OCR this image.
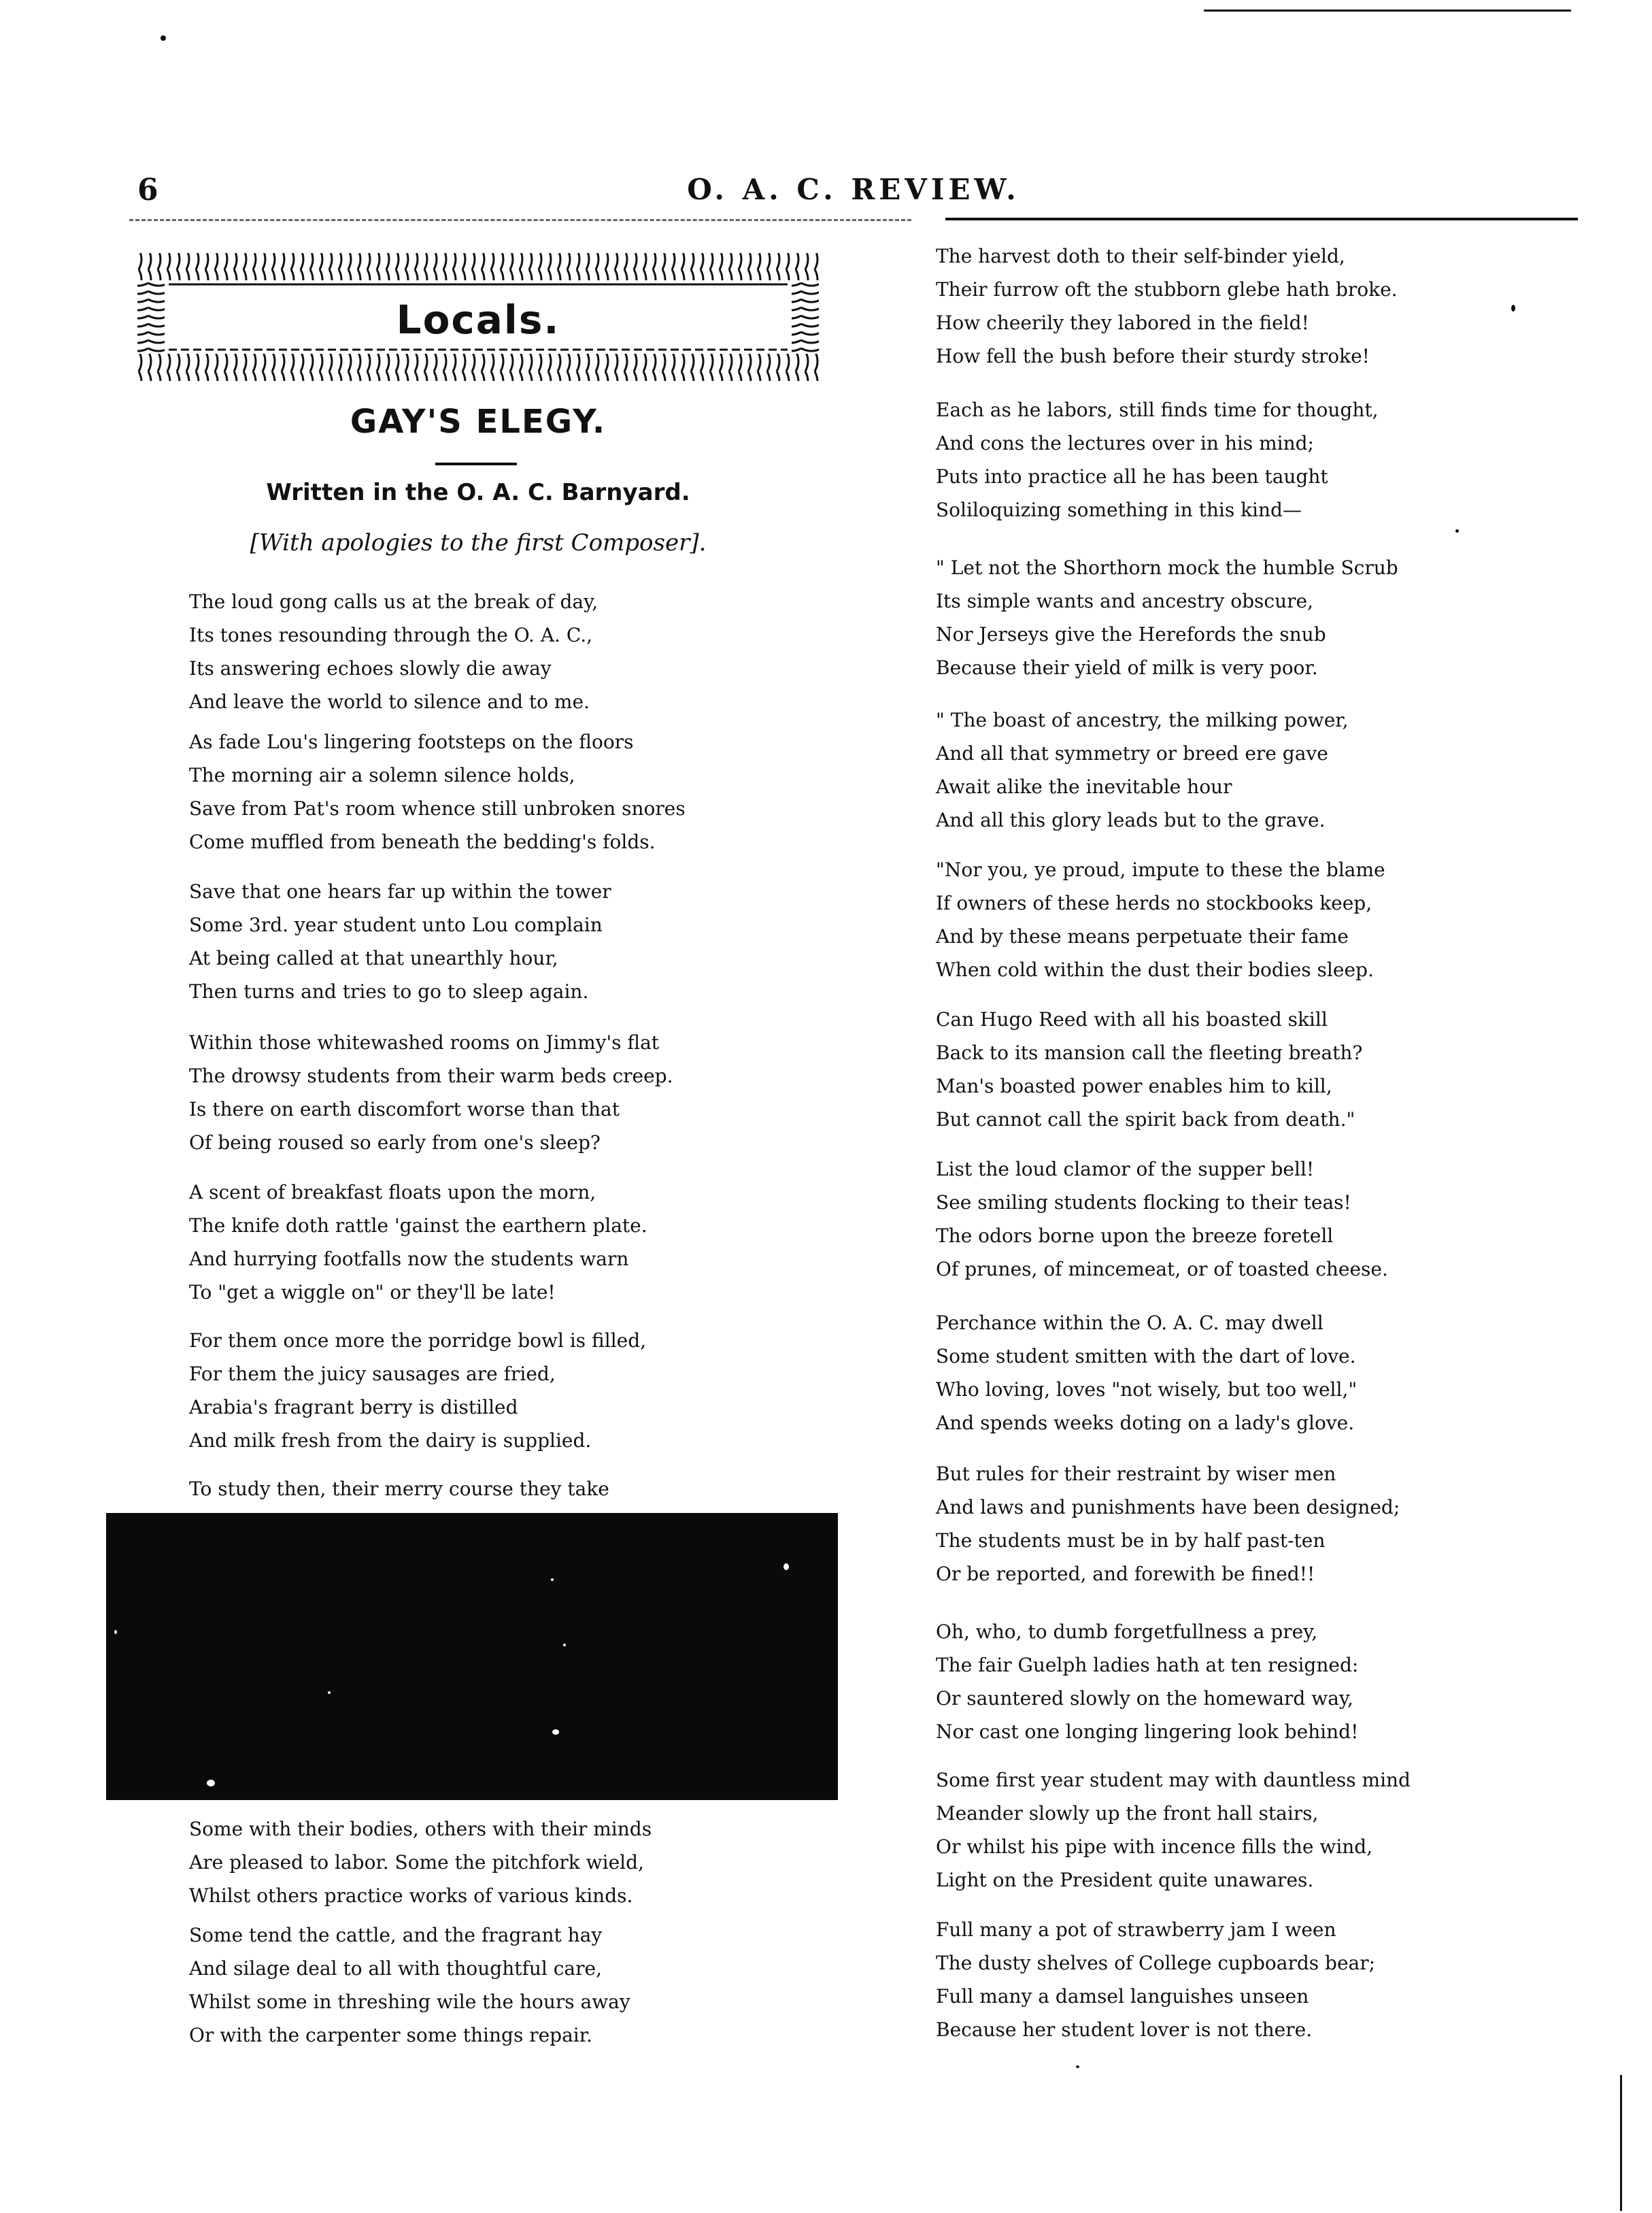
6	O. A. C. REVIEW.
Locals.
GAY'S ELEGY.
Written in the O. A. C. Barnyard.
[With apologies to the first Composer].
The loud gong calls us at the break of day,
Its tones resounding through the O. A. C.,
Its answering echoes slowly die away
And leave the world to silence and to me.
As fade Lou's lingering footsteps on the floors
The morning air a solemn silence holds,
Save from Pat's room whence still unbroken snores
Come muffled from beneath the bedding's folds.
Save that one hears far up within the tower
Some 3rd. year student unto Lou complain
At being called at that unearthly hour,
Then turns and tries to go to sleep again.
Within those whitewashed rooms on Jimmy's flat
The drowsy students from their warm beds creep.
Is there on earth discomfort worse than that
Of being roused so early from one's sleep?
A scent of breakfast floats upon the morn,
The knife doth rattle 'gainst the earthern plate.
And hurrying footfalls now the students warn
To "get a wiggle on" or they'll be late!
For them once more the porridge bowl is filled,
For them the juicy sausages are fried,
Arabia's fragrant berry is distilled
And milk fresh from the dairy is supplied.
To study then, their merry course they take
Some with their bodies, others with their minds
Are pleased to labor. Some the pitchfork wield,
Whilst others practice works of various kinds.
Some tend the cattle, and the fragrant hay
And silage deal to all with thoughtful care,
Whilst some in threshing wile the hours away
Or with the carpenter some things repair.
The harvest doth to their self-binder yield,
Their furrow oft the stubborn glebe hath broke.
How cheerily they labored in the field!
How fell the bush before their sturdy stroke!
Each as he labors, still finds time for thought,
And cons the lectures over in his mind;
Puts into practice all he has been taught
Soliloquizing something in this kind—
" Let not the Shorthorn mock the humble Scrub
Its simple wants and ancestry obscure,
Nor Jerseys give the Herefords the snub
Because their yield of milk is very poor.
" The boast of ancestry, the milking power,
And all that symmetry or breed ere gave
Await alike the inevitable hour
And all this glory leads but to the grave.
"Nor you, ye proud, impute to these the blame
If owners of these herds no stockbooks keep,
And by these means perpetuate their fame
When cold within the dust their bodies sleep.
Can Hugo Reed with all his boasted skill
Back to its mansion call the fleeting breath?
Man's boasted power enables him to kill,
But cannot call the spirit back from death."
List the loud clamor of the supper bell!
See smiling students flocking to their teas!
The odors borne upon the breeze foretell
Of prunes, of mincemeat, or of toasted cheese.
Perchance within the O. A. C. may dwell
Some student smitten with the dart of love.
Who loving, loves "not wisely, but too well,"
And spends weeks doting on a lady's glove.
But rules for their restraint by wiser men
And laws and punishments have been designed;
The students must be in by half past-ten
Or be reported, and forewith be fined!!
Oh, who, to dumb forgetfullness a prey,
The fair Guelph ladies hath at ten resigned:
Or sauntered slowly on the homeward way,
Nor cast one longing lingering look behind!
Some first year student may with dauntless mind
Meander slowly up the front hall stairs,
Or whilst his pipe with incence fills the wind,
Light on the President quite unawares.
Full many a pot of strawberry jam I ween
The dusty shelves of College cupboards bear;
Full many a damsel languishes unseen
Because her student lover is not there.
